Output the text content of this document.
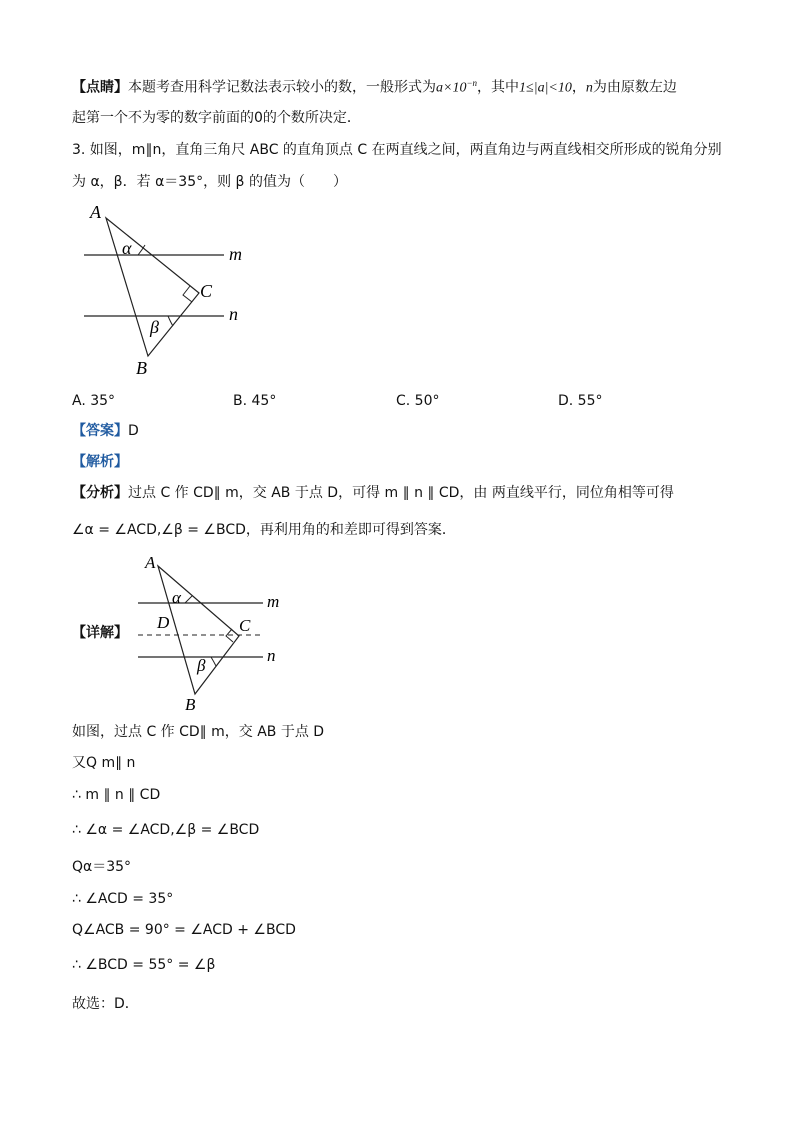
【点睛】本题考查用科学记数法表示较小的数，一般形式为$a\times 10^{-n}$，其中1≤|a|<10，n为由原数左边
起第一个不为零的数字前面的0的个数所决定．
3. 如图，m∥n，直角三角尺 ABC 的直角顶点 C 在两直线之间，两直角边与两直线相交所形成的锐角分别
为 α，β．若 α＝35°，则 β 的值为（　　）
A
B
C
m
n
α
β
A. 35°	B. 45°	C. 50°	D. 55°
【答案】D
【解析】
【分析】过点 C 作 CD∥ m，交 AB 于点 D，可得 m ∥ n ∥ CD，由 两直线平行，同位角相等可得
∠α = ∠ACD,∠β = ∠BCD，再利用角的和差即可得到答案．
A
B
C
D
m
n
α
β
【详解】
如图，过点 C 作 CD∥ m，交 AB 于点 D
又Q m∥ n
∴ m ∥ n ∥ CD
∴ ∠α = ∠ACD,∠β = ∠BCD
Qα＝35°
∴ ∠ACD = 35°
Q∠ACB = 90° = ∠ACD + ∠BCD
∴ ∠BCD = 55° = ∠β
故选：D．
